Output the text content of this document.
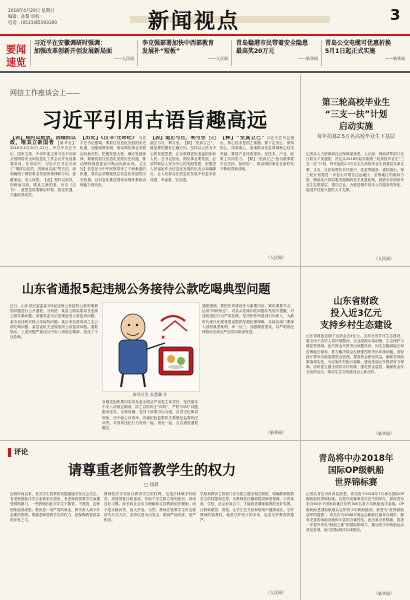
2018年4月29日 星期日
编辑：孙黎 审校：
电话：(0531)85193300	新闻视点	3
要闻
速览
习近平在安徽调研时强调：
加强改革创新开创发展新局面
——人民网
李克强部署加快中西部教育
发展补“短板”
——人民网
青岛稳港市民带着安全隐患
最高奖20万元
——新华网
青岛公交电缆可优惠折换
5月1日起正式实施
——新华网
网信工作座谈会上——
习近平引用古语旨趣高远
【表】观时以致效，因缘而以政，唯其立新国者 【新华社】2018年4月20日-21日，中共中央总书记、国家主席、中央军委主席习近平出席全国网络安全和信息化工作会议并发表重要讲话。在讲话中，习近平总书记引用了“观时以致效，因缘而以政”等古语，深刻阐明了网信事业发展的规律和方向，意蕴深远，发人深思。【表】观时以致效，因缘而以政，唯其立新国者。出自《汉书》，意思是说要顺应时势，抓住机遇，才能取得成效。
【出处】《汉书·元帝纪》 习近平总书记强调，要抓住信息化发展的历史机遇，加强统筹协调，推动网信事业发展迈向新台阶。把握发展大势，顺应发展规律，要敏锐抓住信息化发展历史机遇，推动网络强国建设不断迈出新步伐。【出处】信息化为中华民族带来了千载难逢的机遇，我们必须敏锐抓住信息化发展的历史机遇，以信息化推进国家治理体系和治理能力现代化。
【表】道正与旦，利与至 【表】道正与旦，利与至。【释】“至真立己”，就是要把握好正确方向，坚持以人民为中心的发展思想，让互联网更好造福国家和人民。总书记指出，网信事业要发展，必须贯彻以人民为中心的发展思想，把增进人民福祉作为信息化发展的出发点和落脚点，让人民群众在信息化发展中有更多获得感、幸福感、安全感。
【释】“至真立己” 习近平总书记指出，核心技术是国之重器。要下定决心、保持恒心、找准重心，加速推动信息领域核心技术突破。要抓产业体系建设，在技术、产业、政策上共同发力。【释】“至真立己”意为做事要专注坚持，始终如一，推动网信事业在新时代不断取得新成就。
（人民网）
第三轮高校毕业生
“三支一扶”计划
启动实施
每年招募2.5万名高校毕业生下基层
记者从人力资源和社会保障部获悉，人社部、财政部等部门近日联合下发通知，决定从2018年起实施第三轮高校毕业生“三支一扶”计划，每年选派2.5万名左右高校毕业生到基层从事支教、支农、支医和帮扶乡村振兴、扶贫等服务。通知指出，第三轮计划将进一步加大对艰苦边远地区、贫困地区的倾斜力度，继续实行基层服务期满的有关优惠政策，鼓励引导高校毕业生扎根基层、建功立业，为推进城乡基本公共服务均等化、促进乡村振兴提供人才支撑。
（人民网）
山东省通报5起违规公务接待公款吃喝典型问题
近日，山东省纪委监委对5起违规公务接待公款吃喝典型问题进行公开通报。分别是：某县公路局原局长违规公款吃喝问题；某镇党委书记违规接受公款宴请问题；某市局违规安排公务接待问题；某区单位借培训之名公款吃喝问题；某县直机关违规组织公款宴请问题。通报指出，上述问题严重违反中央八项规定精神，造成了不良影响。	✖
新华社发 朱慧卿 作
各级党组织要切实担负起全面从严治党主体责任，坚决落实中央八项规定精神，持之以恒纠正“四风”，严防“四风”问题隐形变异、反弹回潮。党员干部要引以为戒，自觉守纪律讲规矩，决不能心存侥幸。各级纪检监察机关要强化监督执纪问责，对顶风违纪行为发现一起、查处一起，点名道姓通报曝光。
通报强调，要把作风建设作为重要内容，紧盯重要节点，运用“四种形态”，对苗头性倾向性问题早发现早提醒，对违规违纪行为严肃处理，坚决把作风建设引向深入，为新时代现代化强省建设提供坚强纪律保障。各地各部门要深入剖析典型案例，举一反三，加强制度建设，以严明的纪律推动全面从严治党向纵深发展。
（新华网）
山东省财政
投入近3亿元
支持乡村生态建设
山东省财政近期下达资金近3亿元，支持全省乡村生态建设，重点用于农村人居环境整治、农业面源污染治理、生态保护与修复等领域。此次资金安排突出问题导向，向生态脆弱地区和贫困地区倾斜，着力解决群众反映强烈的突出环境问题。省财政厅要求各地加强资金管理，提高资金使用效益，确保各项政策落到实处，为实施乡村振兴战略、建设美丽山东提供有力保障。同时建立健全绩效评价机制，强化资金监管，确保资金安全高效运行，推动生态文明建设迈上新台阶。
（新华网）
评论
请尊重老师管教学生的权力
□ 徐晨
近段时间以来，有关学生管教的话题屡屡引发社会关注。有老师因批评学生而被家长投诉，有老师因管教学生而遭受网络暴力，一些教师因此对学生不敢管、不愿管，这种现象值得深思。教育是一项严肃的事业，教书育人离不开必要的管教。尊重老师管教学生的权力，是保障教育质量的应有之义。
教师依法享有批评教育学生的权利，这是法律赋予的职责。适度的批评和惩戒，有助于学生树立规则意识，养成良好习惯。家长和社会应当理解和支持教师依法履职，而不是动辄问责、放大矛盾。当然，教师在管教学生时也要讲究方式方法，坚持以爱为出发点，做到严而有度、宽严相济。
学校和教育主管部门应当建立健全相关制度，明确教师管教学生的权限和边界，为教师依法履职提供制度保障。只有家庭、学校、社会形成合力，才能营造尊师重教的良好氛围，让教师敢管、善管，让学生在关爱和规则中健康成长。守护教师的管教权，就是守护孩子的未来，也是守护教育的尊严。
（人民网）
青岛将中办2018年
国际OP级帆船
世界锦标赛
记者从青岛市体育局获悉，青岛将于2018年7月承办国际OP级帆船世界锦标赛。这是该项赛事首次在中国举办，届时将有来自60多个国家和地区的约300名青少年帆船选手参赛。OP级帆船是国际帆联认定的青少年帆船级别，被誉为“世界帆船冠军的摇篮”。青岛作为2008年奥运会帆船比赛举办城市，拥有完善的场地设施和丰富的办赛经验。此次承办世锦赛，将进一步提升青岛“帆船之都”的国际影响力，推动青少年帆船运动普及发展，助力国际海洋名城建设。
（新华网）
